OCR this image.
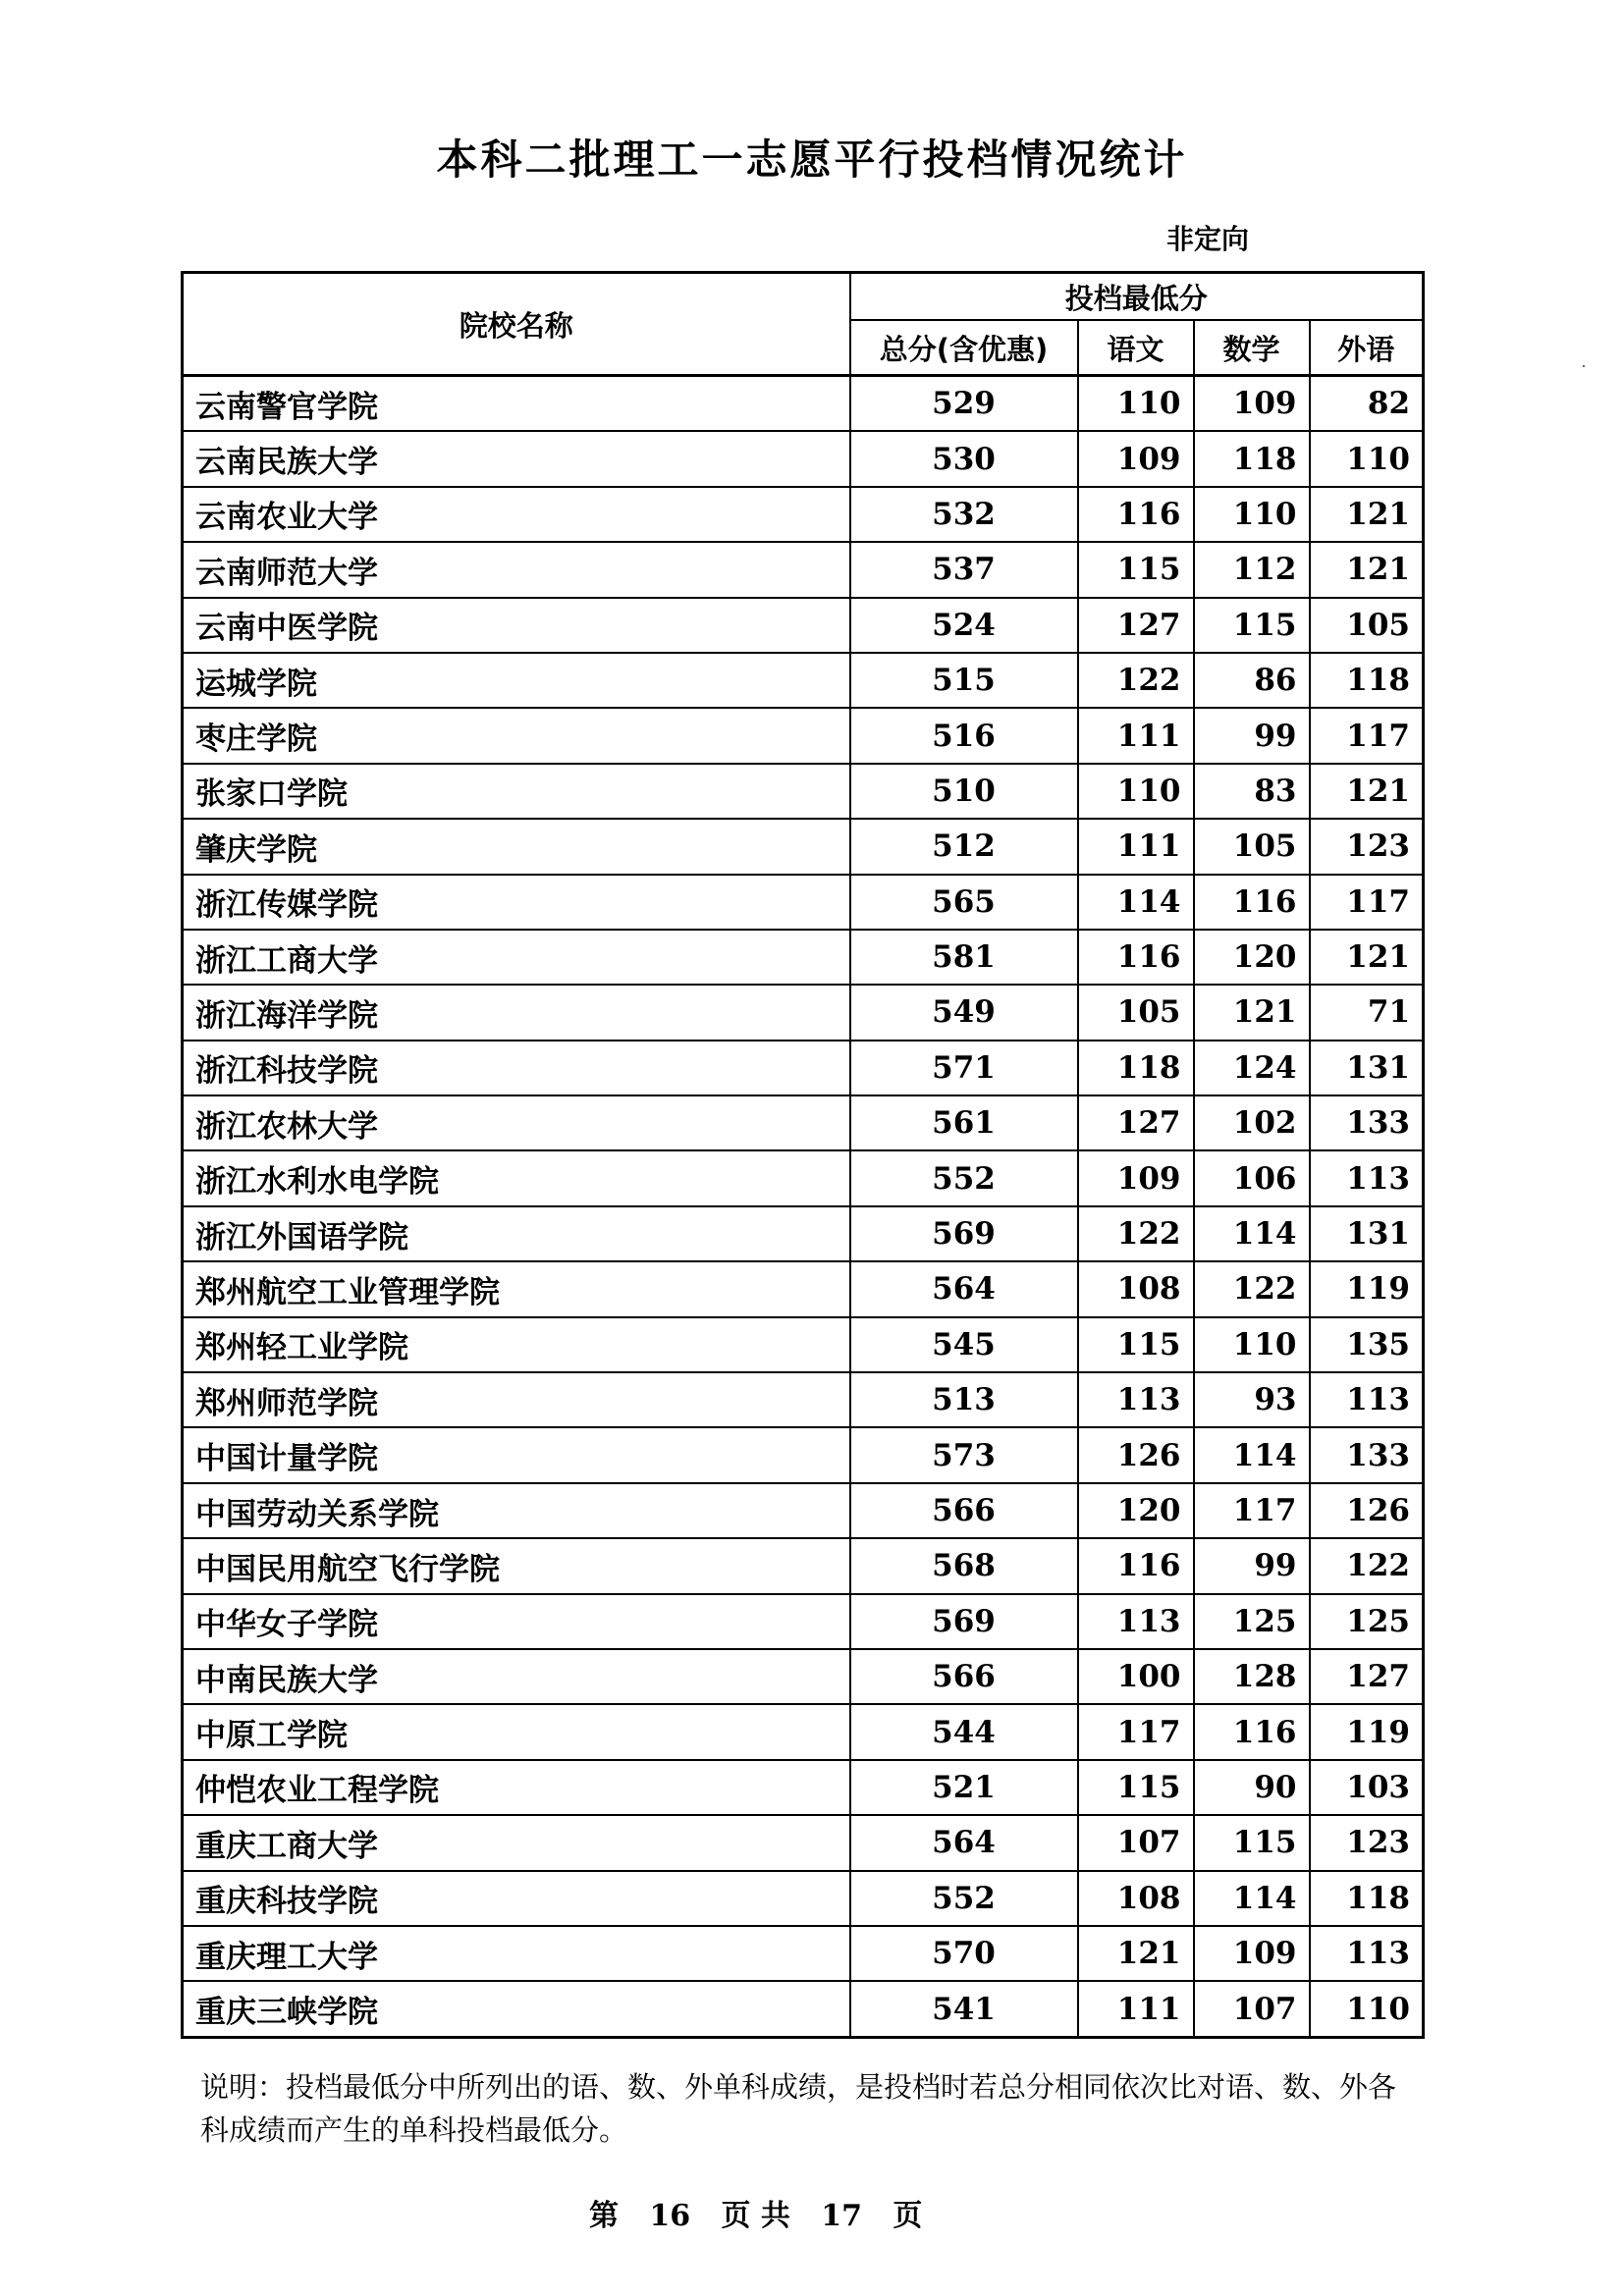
本科二批理工一志愿平行投档情况统计
非定向
院校名称	投档最低分			
	总分(含优惠)	语文	数学	外语
云南警官学院	529	110	109	82
云南民族大学	530	109	118	110
云南农业大学	532	116	110	121
云南师范大学	537	115	112	121
云南中医学院	524	127	115	105
运城学院	515	122	86	118
枣庄学院	516	111	99	117
张家口学院	510	110	83	121
肇庆学院	512	111	105	123
浙江传媒学院	565	114	116	117
浙江工商大学	581	116	120	121
浙江海洋学院	549	105	121	71
浙江科技学院	571	118	124	131
浙江农林大学	561	127	102	133
浙江水利水电学院	552	109	106	113
浙江外国语学院	569	122	114	131
郑州航空工业管理学院	564	108	122	119
郑州轻工业学院	545	115	110	135
郑州师范学院	513	113	93	113
中国计量学院	573	126	114	133
中国劳动关系学院	566	120	117	126
中国民用航空飞行学院	568	116	99	122
中华女子学院	569	113	125	125
中南民族大学	566	100	128	127
中原工学院	544	117	116	119
仲恺农业工程学院	521	115	90	103
重庆工商大学	564	107	115	123
重庆科技学院	552	108	114	118
重庆理工大学	570	121	109	113
重庆三峡学院	541	111	107	110
说明：投档最低分中所列出的语、数、外单科成绩，是投档时若总分相同依次比对语、数、外各科成绩而产生的单科投档最低分。
第 16 页 共 17 页
